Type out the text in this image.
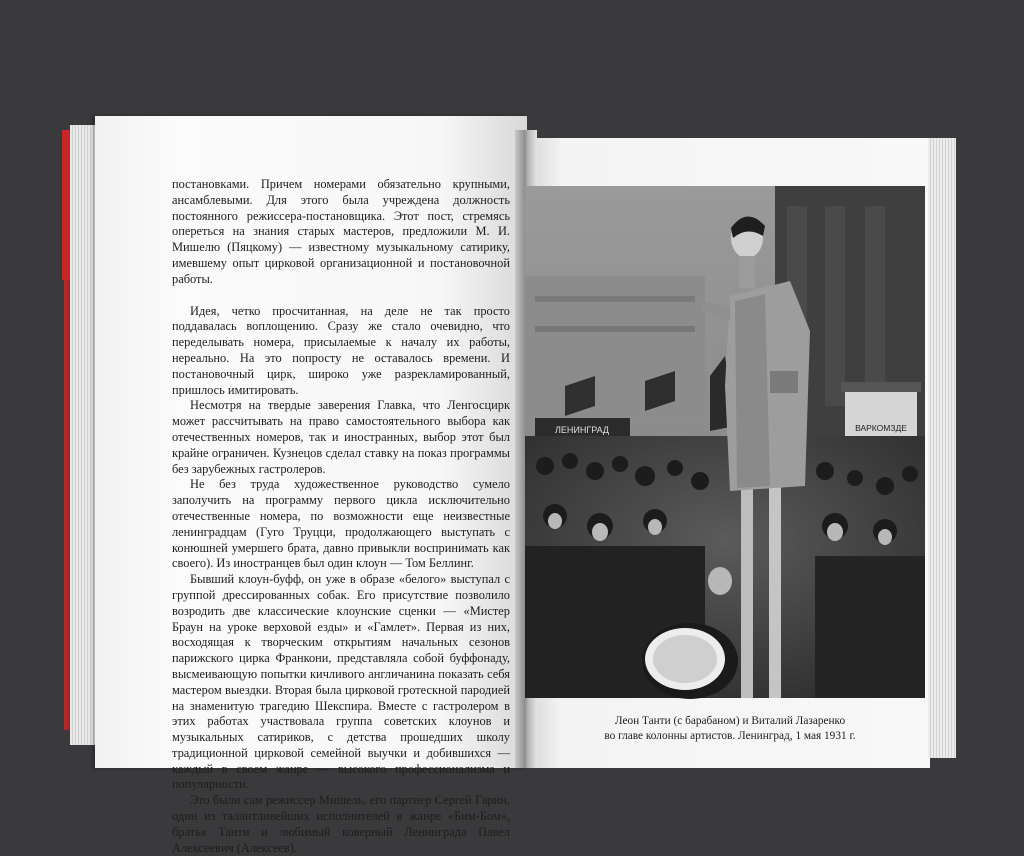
постановками. Причем номерами обязательно крупными, ансамблевыми. Для этого была учреждена должность постоянного режиссера-постановщика. Этот пост, стремясь опереться на знания старых мастеров, предложили М. И. Мишелю (Пяцкому) — известному музыкальному сатирику, имевшему опыт цирковой организационной и постановочной работы.

Идея, четко просчитанная, на деле не так просто поддавалась воплощению. Сразу же стало очевидно, что переделывать номера, присылаемые к началу их работы, нереально. На это попросту не оставалось времени. И постановочный цирк, широко уже разрекламированный, пришлось имитировать.

Несмотря на твердые заверения Главка, что Ленгосцирк может рассчитывать на право самостоятельного выбора как отечественных номеров, так и иностранных, выбор этот был крайне ограничен. Кузнецов сделал ставку на показ программы без зарубежных гастролеров.

Не без труда художественное руководство сумело заполучить на программу первого цикла исключительно отечественные номера, по возможности еще неизвестные ленинградцам (Гуго Труцци, продолжающего выступать с конюшней умершего брата, давно привыкли воспринимать как своего). Из иностранцев был один клоун — Том Беллинг.

Бывший клоун-буфф, он уже в образе «белого» выступал с группой дрессированных собак. Его присутствие позволило возродить две классические клоунские сценки — «Мистер Браун на уроке верховой езды» и «Гамлет». Первая из них, восходящая к творческим открытиям начальных сезонов парижского цирка Франкони, представляла собой буффонаду, высмеивающую попытки кичливого англичанина показать себя мастером выездки. Вторая была цирковой гротескной пародией на знаменитую трагедию Шекспира. Вместе с гастролером в этих работах участвовала группа советских клоунов и музыкальных сатириков, с детства прошедших школу традиционной цирковой семейной выучки и добившихся — каждый в своем жанре — высокого профессионализма и популярности.

Это были сам режиссер Мишель, его партнер Сергей Гарин, один из талантливейших исполнителей в жанре «Бим-Бом», братья Танти и любимый коверный Ленинграда Павел Алексеевич (Алексеев).

ЛЕНИНГРАД	ВАРКОМЗДЕ
Леон Танти (с барабаном) и Виталий Лазаренко
во главе колонны артистов. Ленинград, 1 мая 1931 г.
